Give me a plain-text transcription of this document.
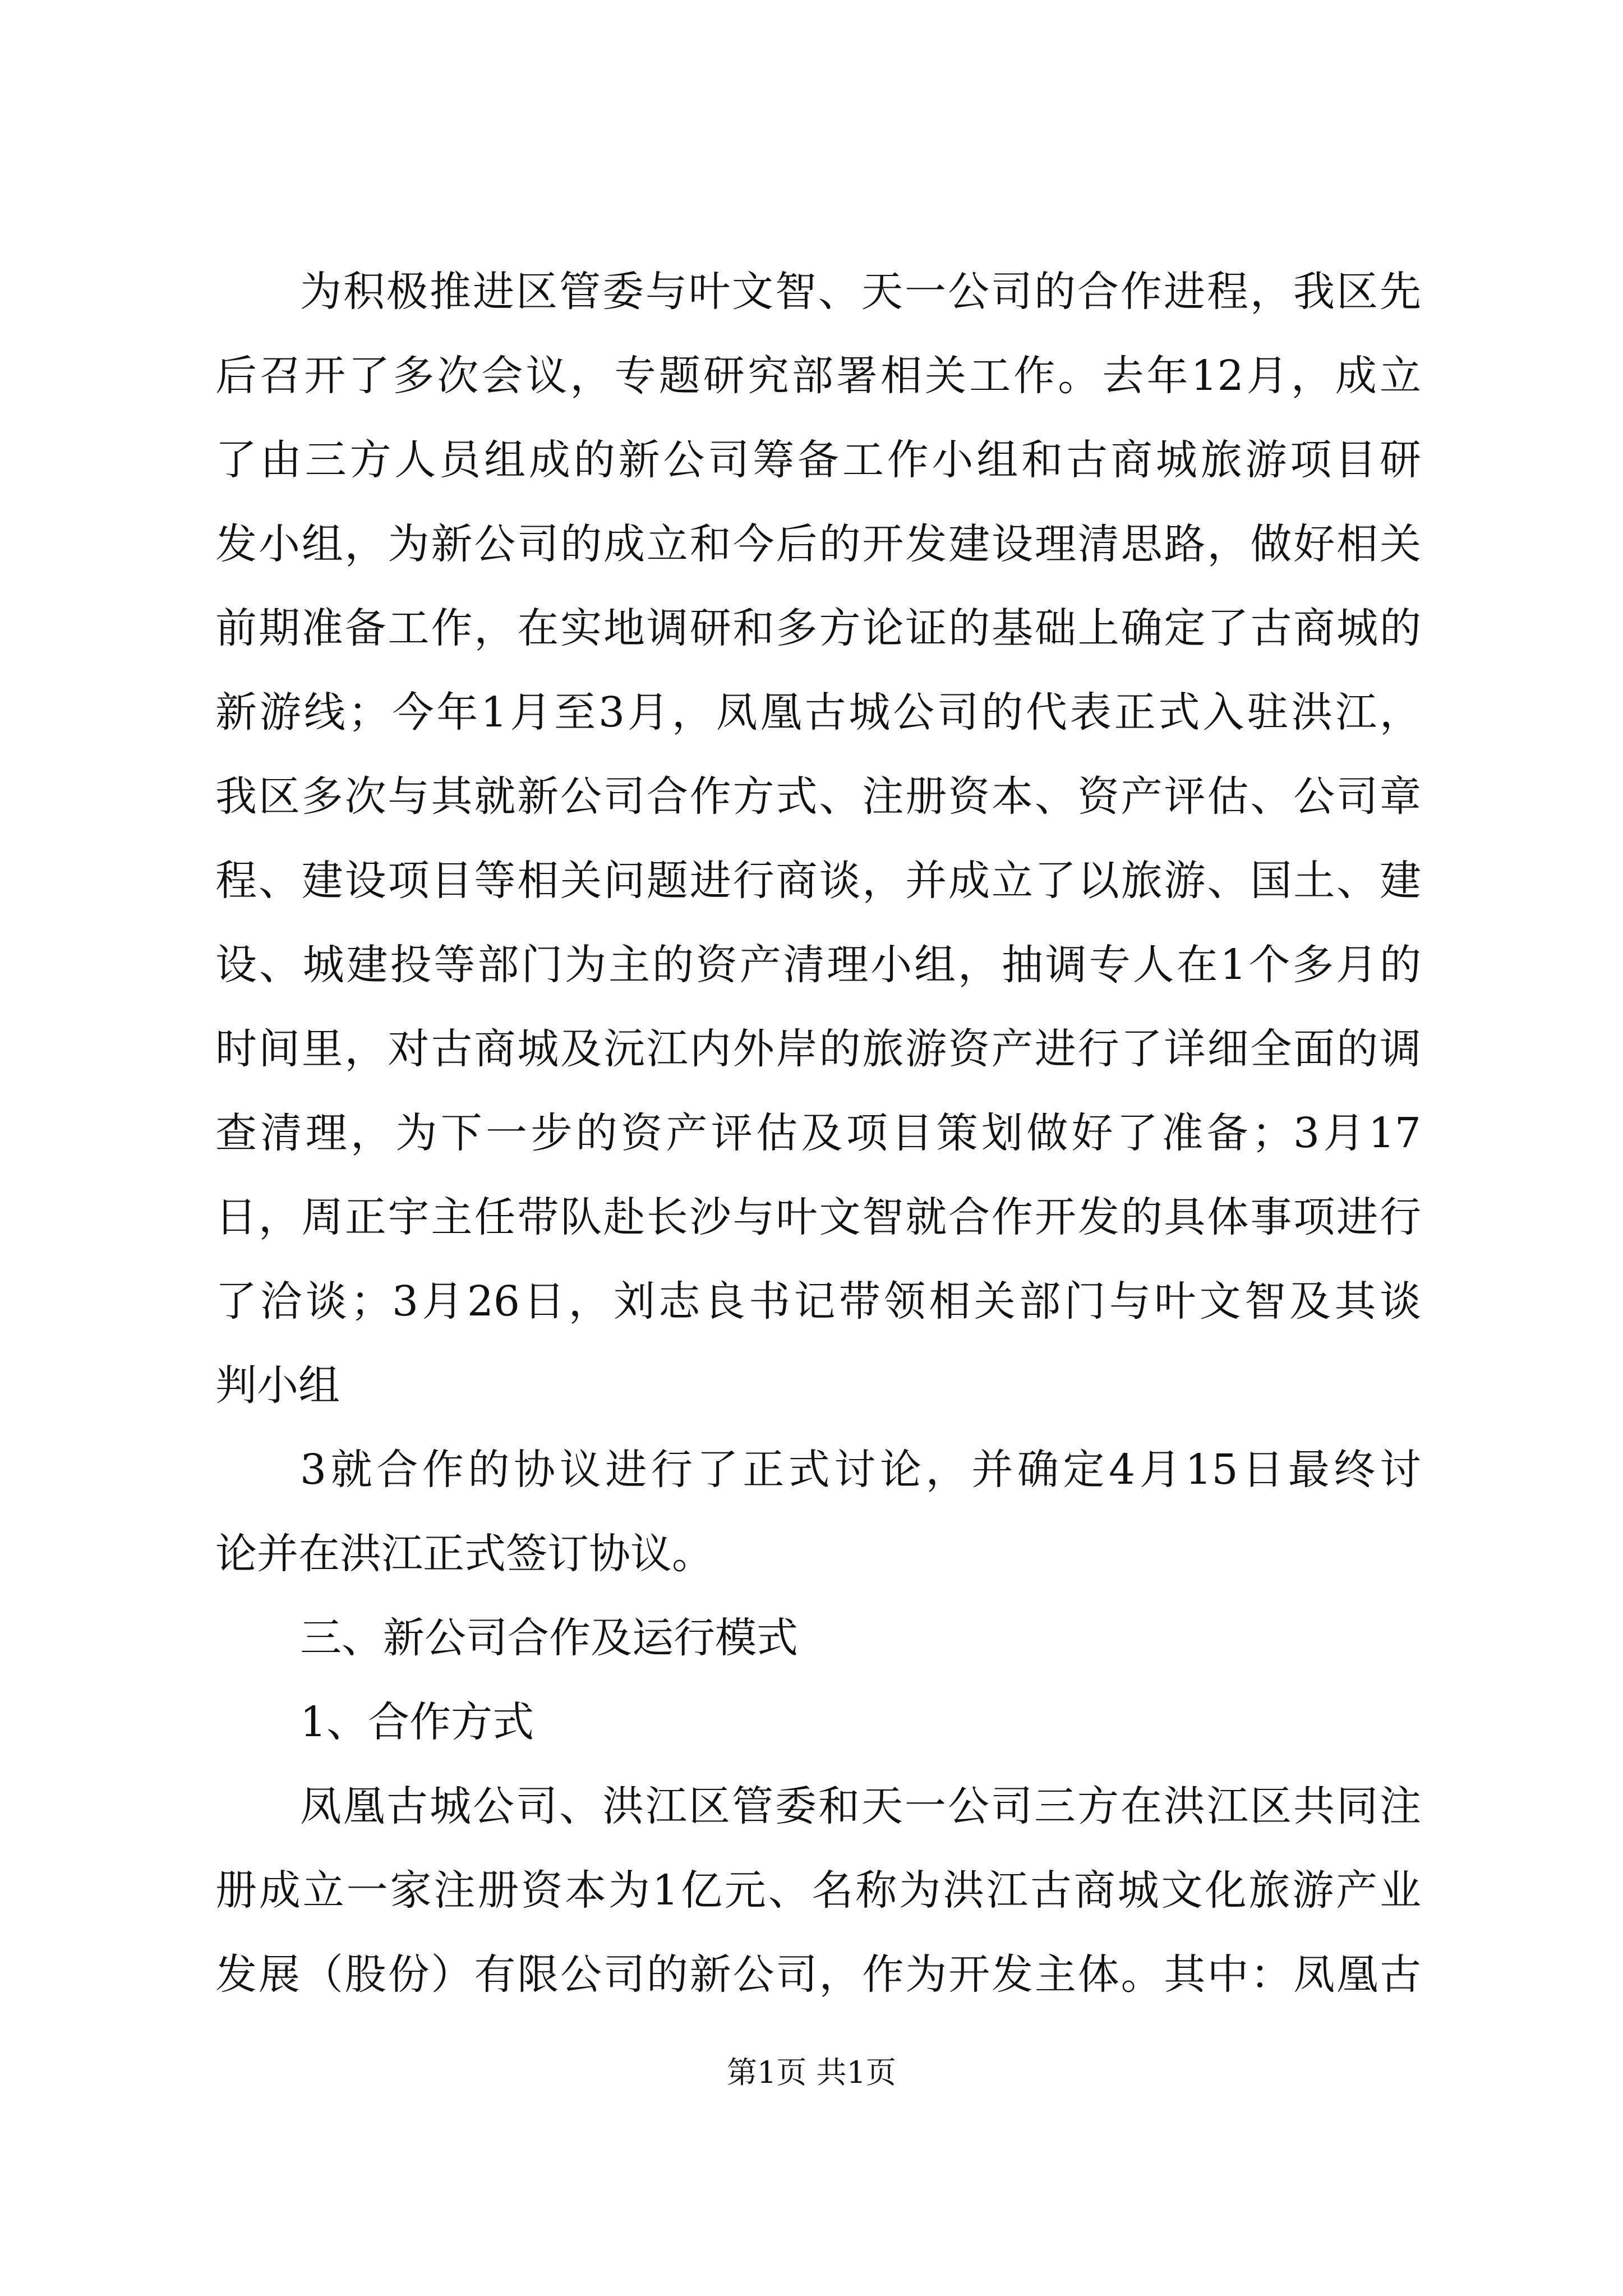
为积极推进区管委与叶文智、天一公司的合作进程，我区先
后召开了多次会议，专题研究部署相关工作。去年12月，成立
了由三方人员组成的新公司筹备工作小组和古商城旅游项目研
发小组，为新公司的成立和今后的开发建设理清思路，做好相关
前期准备工作，在实地调研和多方论证的基础上确定了古商城的
新游线；今年1月至3月，凤凰古城公司的代表正式入驻洪江，
我区多次与其就新公司合作方式、注册资本、资产评估、公司章
程、建设项目等相关问题进行商谈，并成立了以旅游、国土、建
设、城建投等部门为主的资产清理小组，抽调专人在1个多月的
时间里，对古商城及沅江内外岸的旅游资产进行了详细全面的调
查清理，为下一步的资产评估及项目策划做好了准备；3月17
日，周正宇主任带队赴长沙与叶文智就合作开发的具体事项进行
了洽谈；3月26日，刘志良书记带领相关部门与叶文智及其谈
判小组
3就合作的协议进行了正式讨论，并确定4月15日最终讨
论并在洪江正式签订协议。
三、新公司合作及运行模式
1、合作方式
第1页 共1页
凤凰古城公司、洪江区管委和天一公司三方在洪江区共同注
册成立一家注册资本为1亿元、名称为洪江古商城文化旅游产业
发展（股份）有限公司的新公司，作为开发主体。其中：凤凰古
